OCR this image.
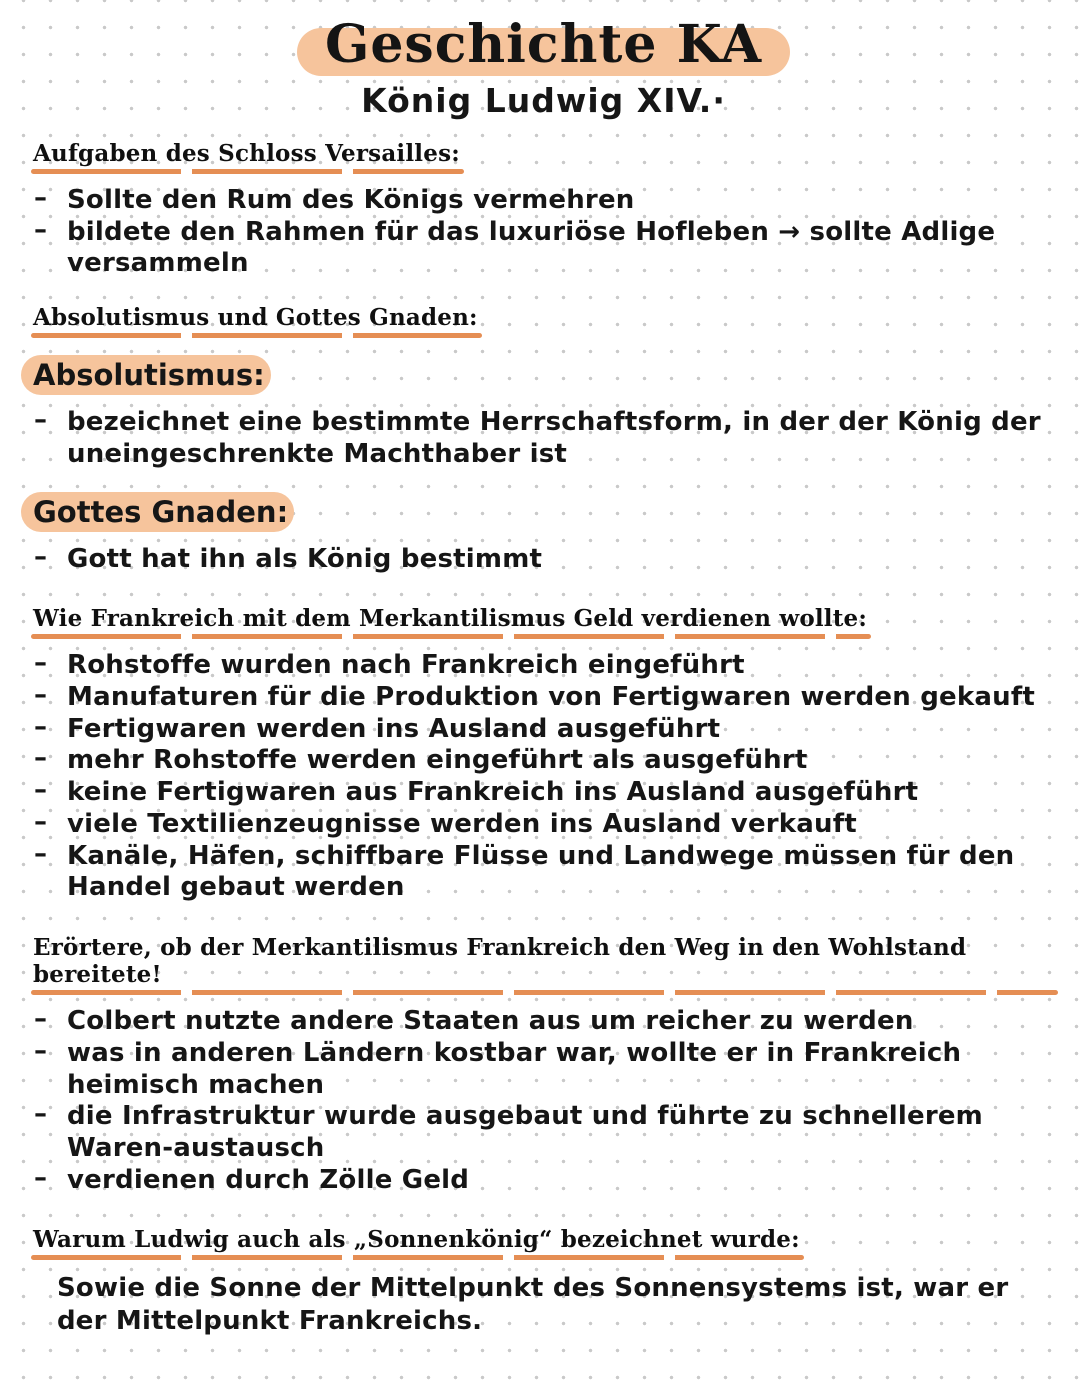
Geschichte KA
König Ludwig XIV.·
Aufgaben des Schloss Versailles:
– Sollte den Rum des Königs vermehren
– bildete den Rahmen für das luxuriöse Hofleben → sollte Adlige versammeln
Absolutismus und Gottes Gnaden:
Absolutismus:
– bezeichnet eine bestimmte Herrschaftsform, in der der König der uneingeschrenkte Machthaber ist
Gottes Gnaden:
– Gott hat ihn als König bestimmt
Wie Frankreich mit dem Merkantilismus Geld verdienen wollte:
– Rohstoffe wurden nach Frankreich eingeführt
– Manufaturen für die Produktion von Fertigwaren werden gekauft
– Fertigwaren werden ins Ausland ausgeführt
– mehr Rohstoffe werden eingeführt als ausgeführt
– keine Fertigwaren aus Frankreich ins Ausland ausgeführt
– viele Textilienzeugnisse werden ins Ausland verkauft
– Kanäle, Häfen, schiffbare Flüsse und Landwege müssen für den Handel gebaut werden
Erörtere, ob der Merkantilismus Frankreich den Weg in den Wohlstand bereitete!
– Colbert nutzte andere Staaten aus um reicher zu werden
– was in anderen Ländern kostbar war, wollte er in Frankreich heimisch machen
– die Infrastruktur wurde ausgebaut und führte zu schnellerem Waren-austausch
– verdienen durch Zölle Geld
Warum Ludwig auch als „Sonnenkönig“ bezeichnet wurde:

Sowie die Sonne der Mittelpunkt des Sonnensystems ist, war er der Mittelpunkt Frankreichs.
